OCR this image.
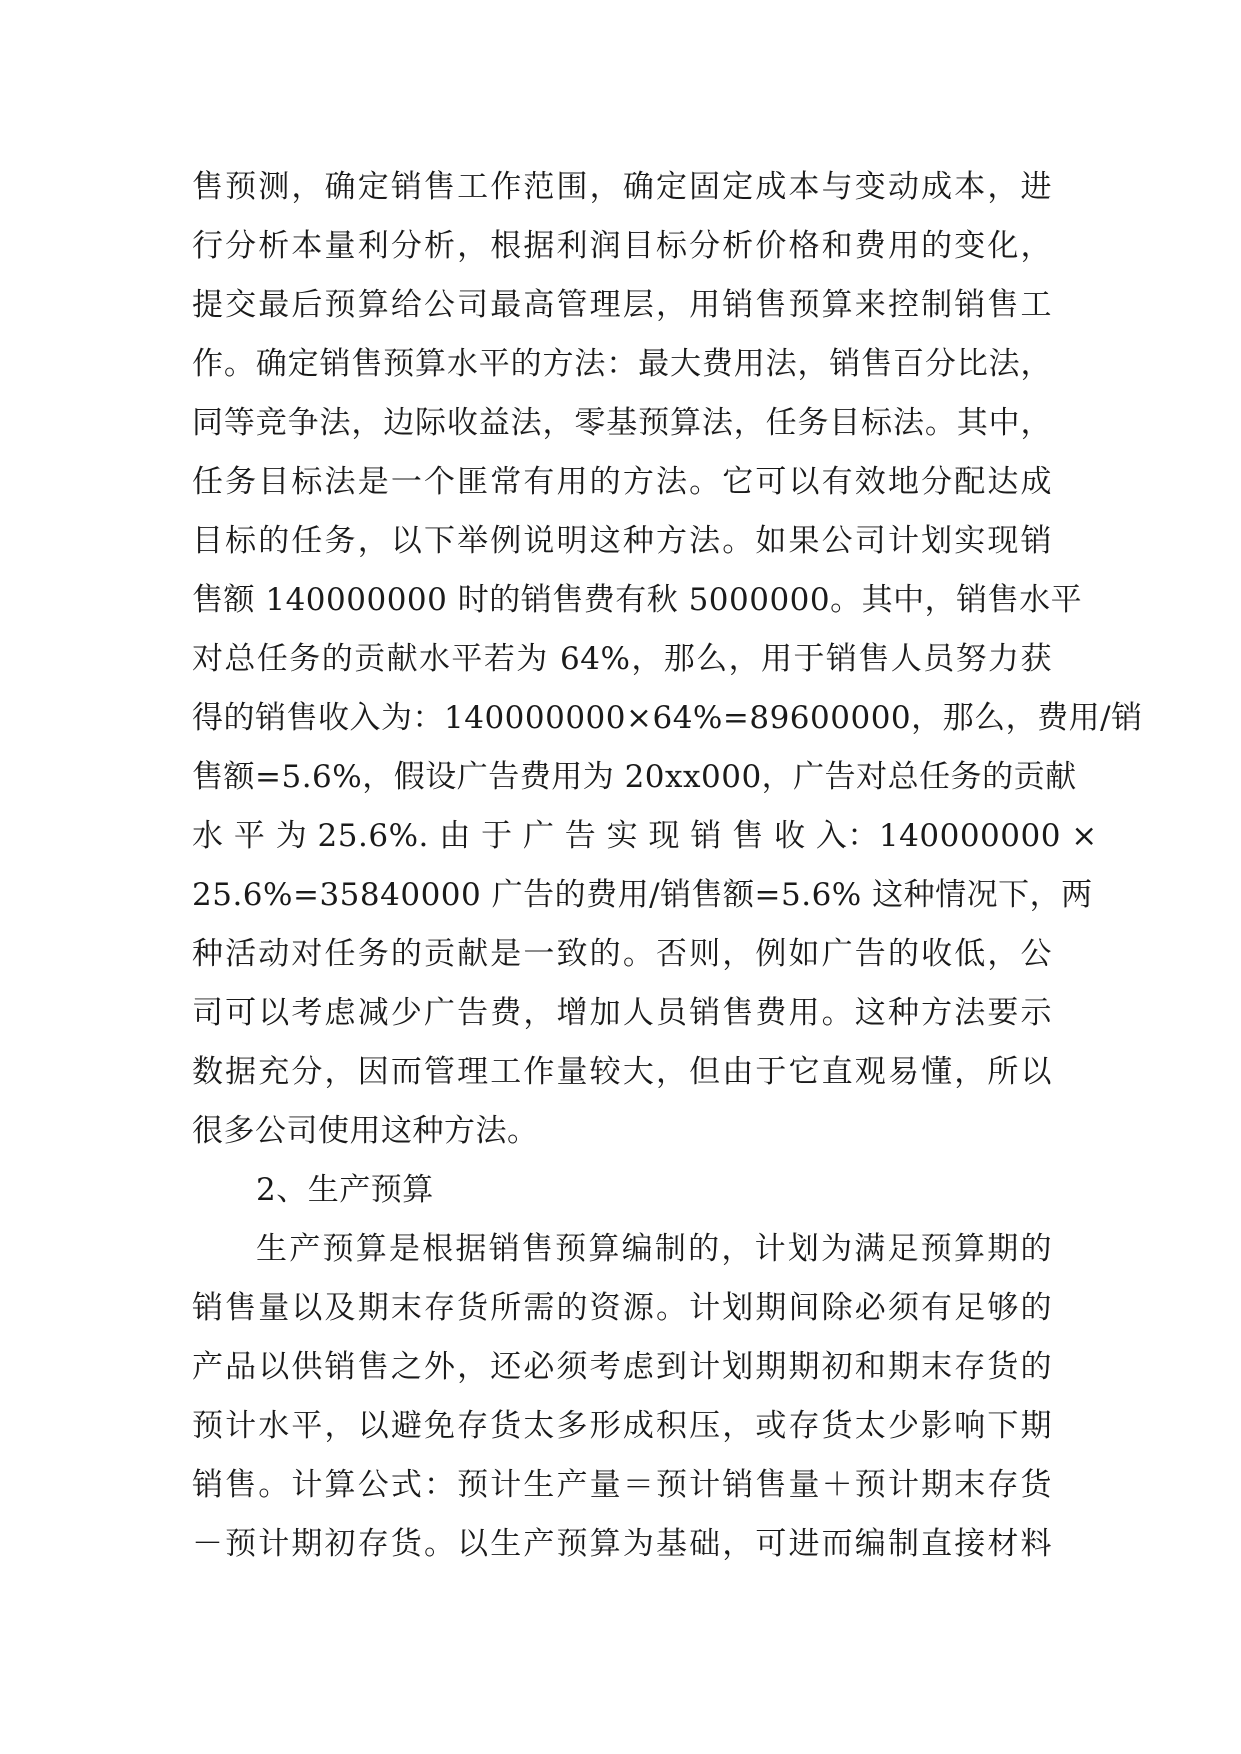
售预测，确定销售工作范围，确定固定成本与变动成本，进
行分析本量利分析，根据利润目标分析价格和费用的变化，
提交最后预算给公司最高管理层，用销售预算来控制销售工
作。确定销售预算水平的方法：最大费用法，销售百分比法，
同等竞争法，边际收益法，零基预算法，任务目标法。其中，
任务目标法是一个匪常有用的方法。它可以有效地分配达成
目标的任务，以下举例说明这种方法。如果公司计划实现销
售额 140000000 时的销售费有秋 5000000。其中，销售水平
对总任务的贡献水平若为 64%，那么，用于销售人员努力获
得的销售收入为：140000000×64%=89600000，那么，费用/销
售额=5.6%，假设广告费用为 20xx000，广告对总任务的贡献
水 平 为 25.6%. 由 于 广 告 实 现 销 售 收 入：140000000 ×
25.6%=35840000 广告的费用/销售额=5.6% 这种情况下，两
种活动对任务的贡献是一致的。否则，例如广告的收低，公
司可以考虑减少广告费，增加人员销售费用。这种方法要示
数据充分，因而管理工作量较大，但由于它直观易懂，所以
很多公司使用这种方法。
2、生产预算
生产预算是根据销售预算编制的，计划为满足预算期的
销售量以及期末存货所需的资源。计划期间除必须有足够的
产品以供销售之外，还必须考虑到计划期期初和期末存货的
预计水平，以避免存货太多形成积压，或存货太少影响下期
销售。计算公式：预计生产量＝预计销售量＋预计期末存货
－预计期初存货。以生产预算为基础，可进而编制直接材料
